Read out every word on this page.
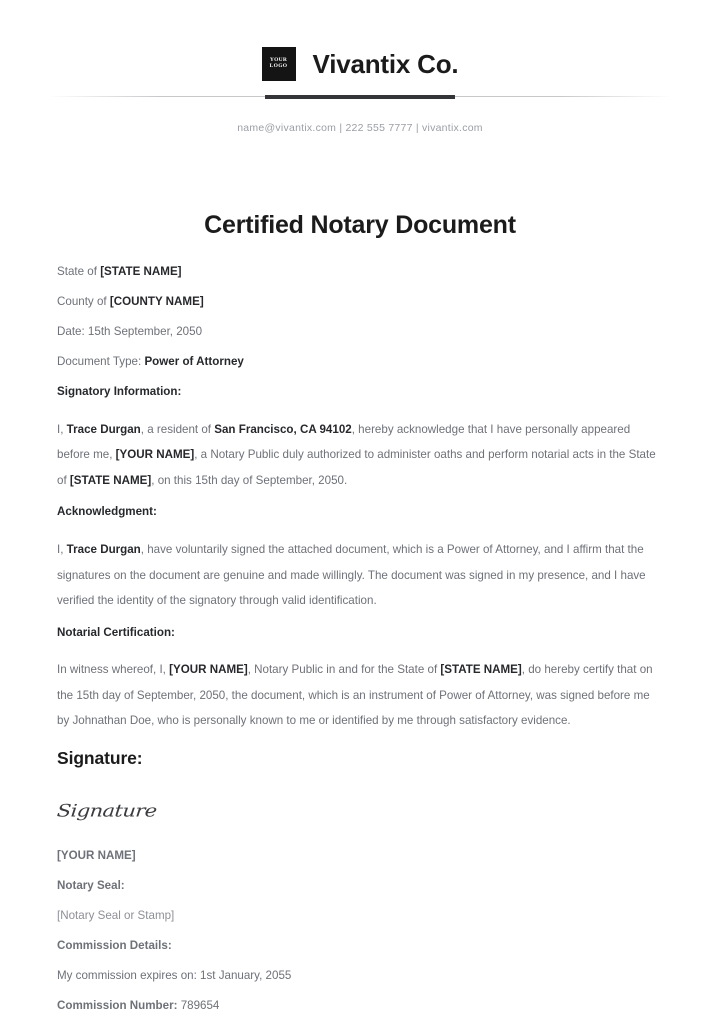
YOUR
LOGO Vivantix Co.
name@vivantix.com | 222 555 7777 | vivantix.com
Certified Notary Document
State of [STATE NAME]
County of [COUNTY NAME]
Date: 15th September, 2050
Document Type: Power of Attorney
Signatory Information:
I, Trace Durgan, a resident of San Francisco, CA 94102, hereby acknowledge that I have personally appeared before me, [YOUR NAME], a Notary Public duly authorized to administer oaths and perform notarial acts in the State of [STATE NAME], on this 15th day of September, 2050.
Acknowledgment:
I, Trace Durgan, have voluntarily signed the attached document, which is a Power of Attorney, and I affirm that the signatures on the document are genuine and made willingly. The document was signed in my presence, and I have verified the identity of the signatory through valid identification.
Notarial Certification:
In witness whereof, I, [YOUR NAME], Notary Public in and for the State of [STATE NAME], do hereby certify that on the 15th day of September, 2050, the document, which is an instrument of Power of Attorney, was signed before me by Johnathan Doe, who is personally known to me or identified by me through satisfactory evidence.
Signature:
Signature
[YOUR NAME]
Notary Seal:
[Notary Seal or Stamp]
Commission Details:
My commission expires on: 1st January, 2055
Commission Number: 789654
